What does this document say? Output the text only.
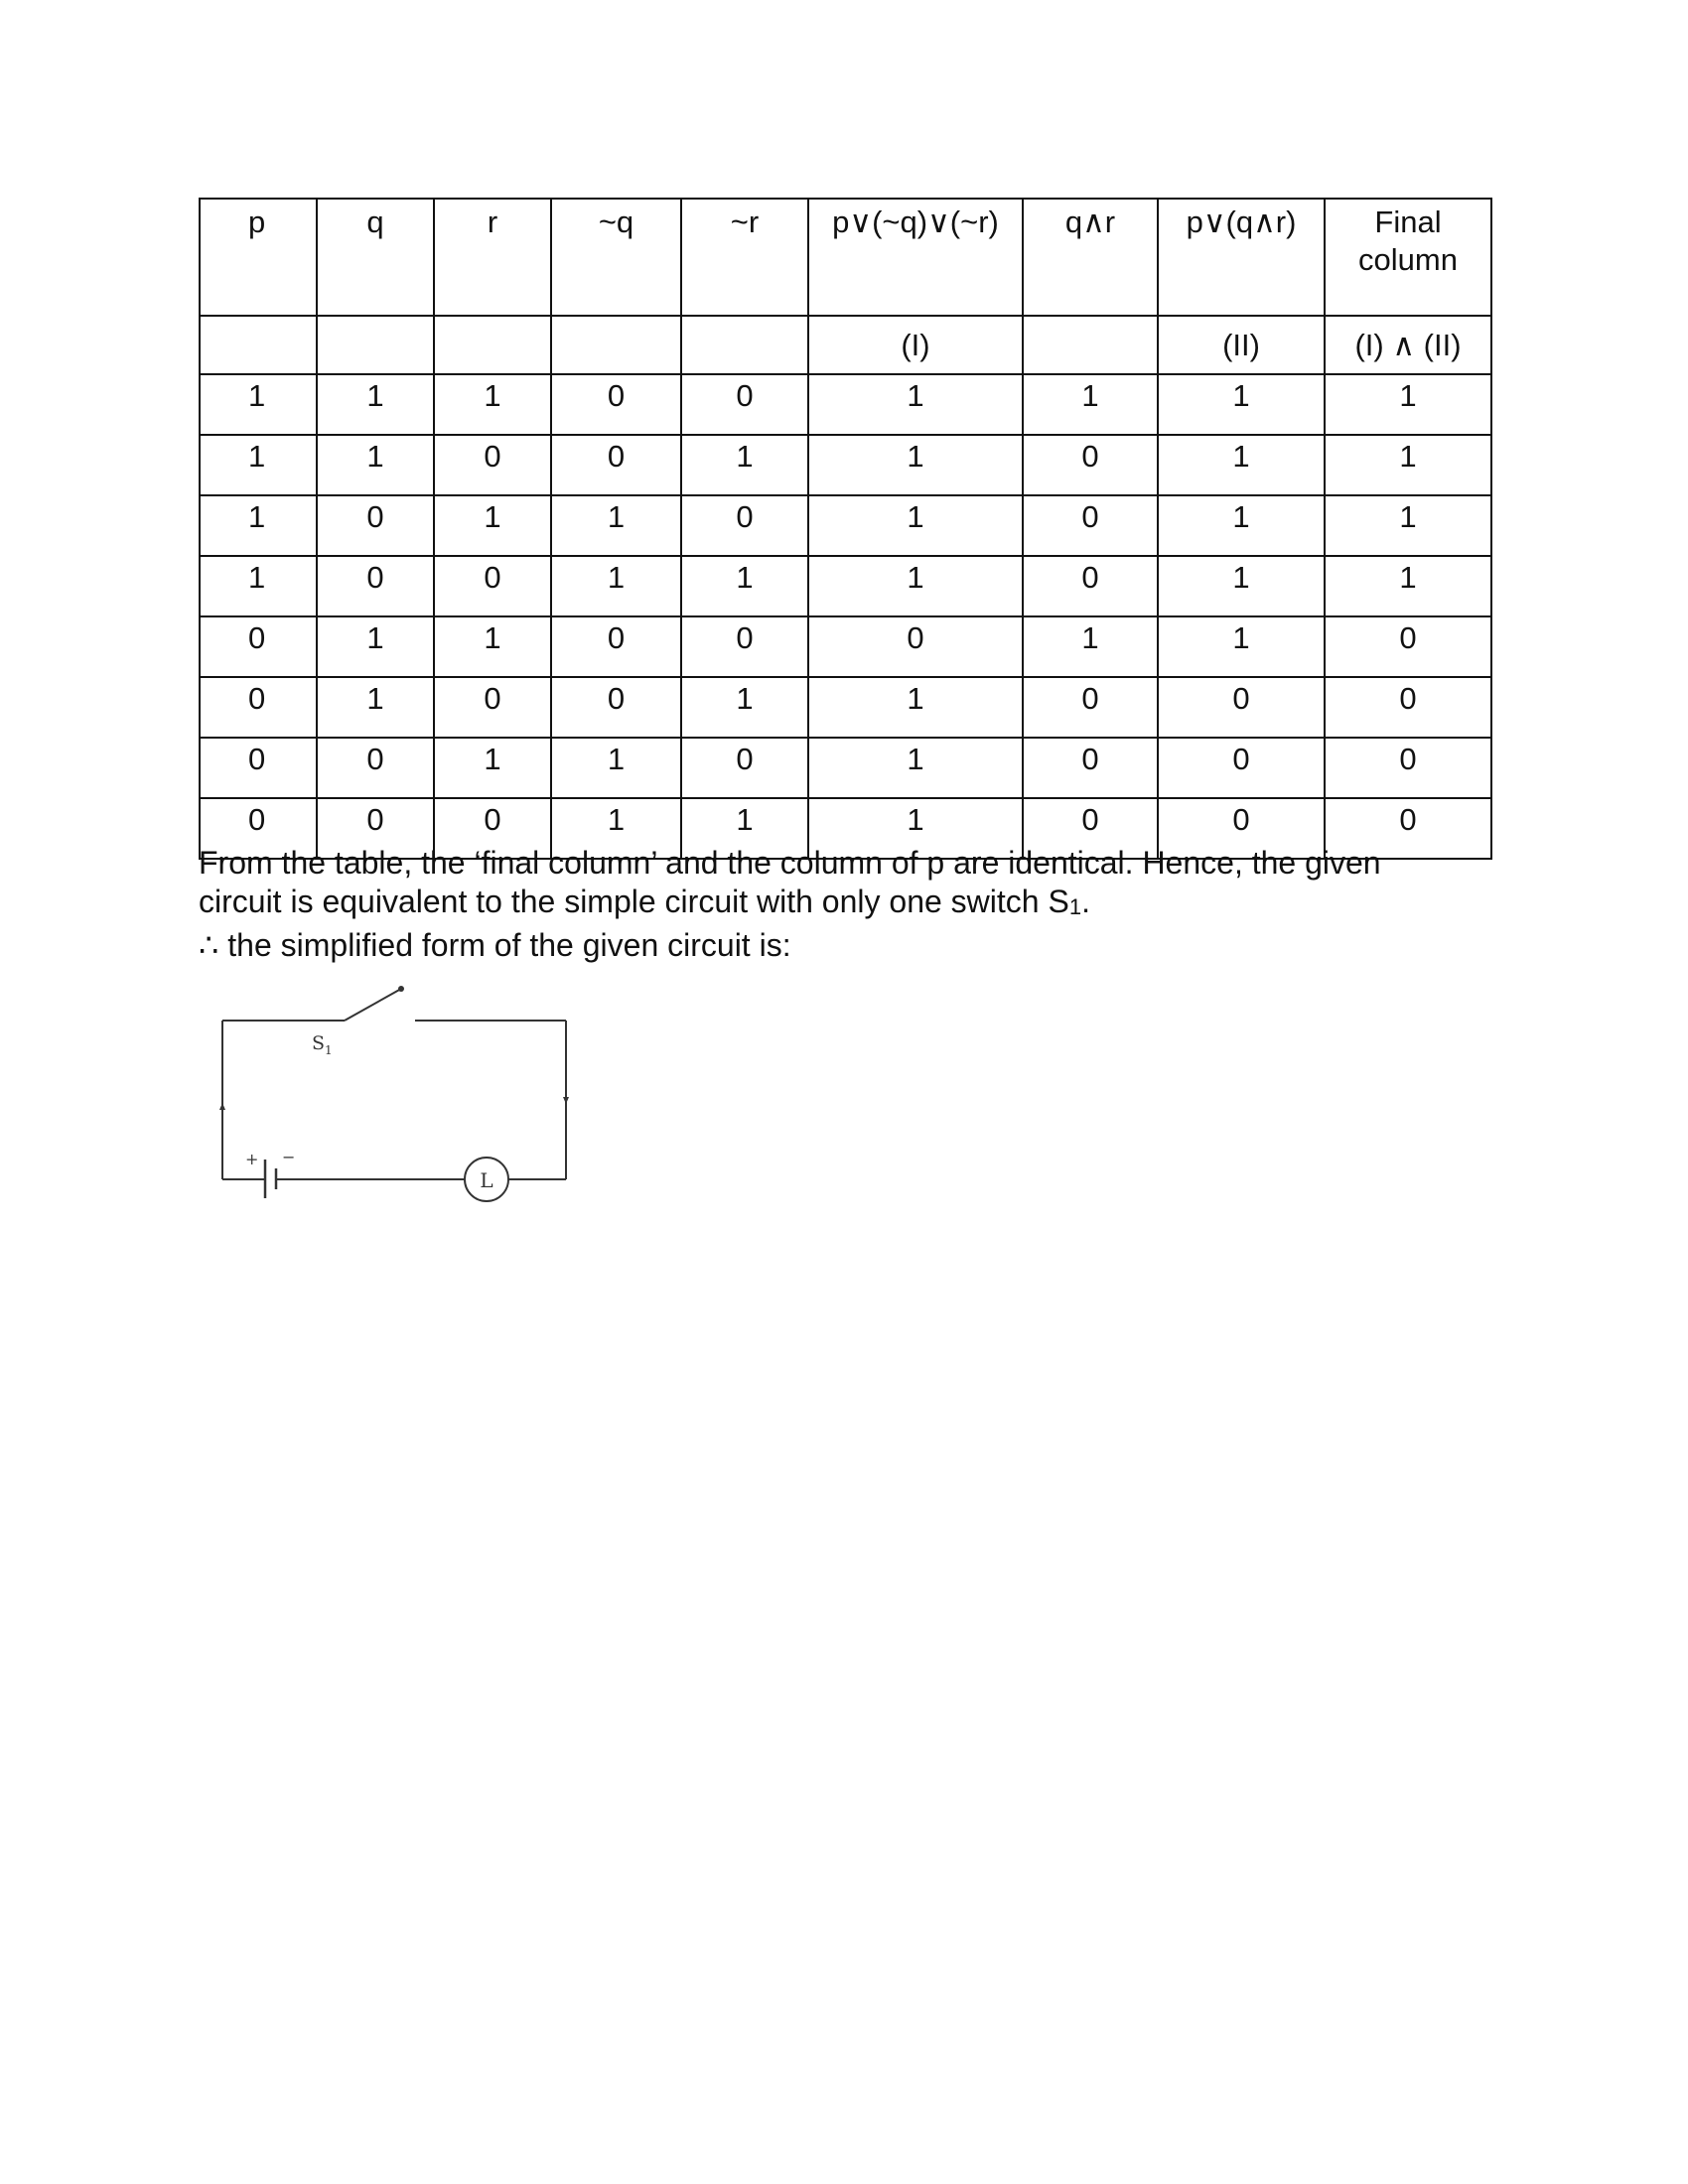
p	q	r	~q	~r	p∨(~q)∨(~r)	q∧r	p∨(q∧r)	Final column
					(I)		(II)	(I) ∧ (II)
1	1	1	0	0	1	1	1	1
1	1	0	0	1	1	0	1	1
1	0	1	1	0	1	0	1	1
1	0	0	1	1	1	0	1	1
0	1	1	0	0	0	1	1	0
0	1	0	0	1	1	0	0	0
0	0	1	1	0	1	0	0	0
0	0	0	1	1	1	0	0	0

From the table, the ‘final column’ and the column of p are identical. Hence, the given

circuit is equivalent to the simple circuit with only one switch $S_1$.

∴ the simplified form of the given circuit is:

+ −
L
$S_1$
